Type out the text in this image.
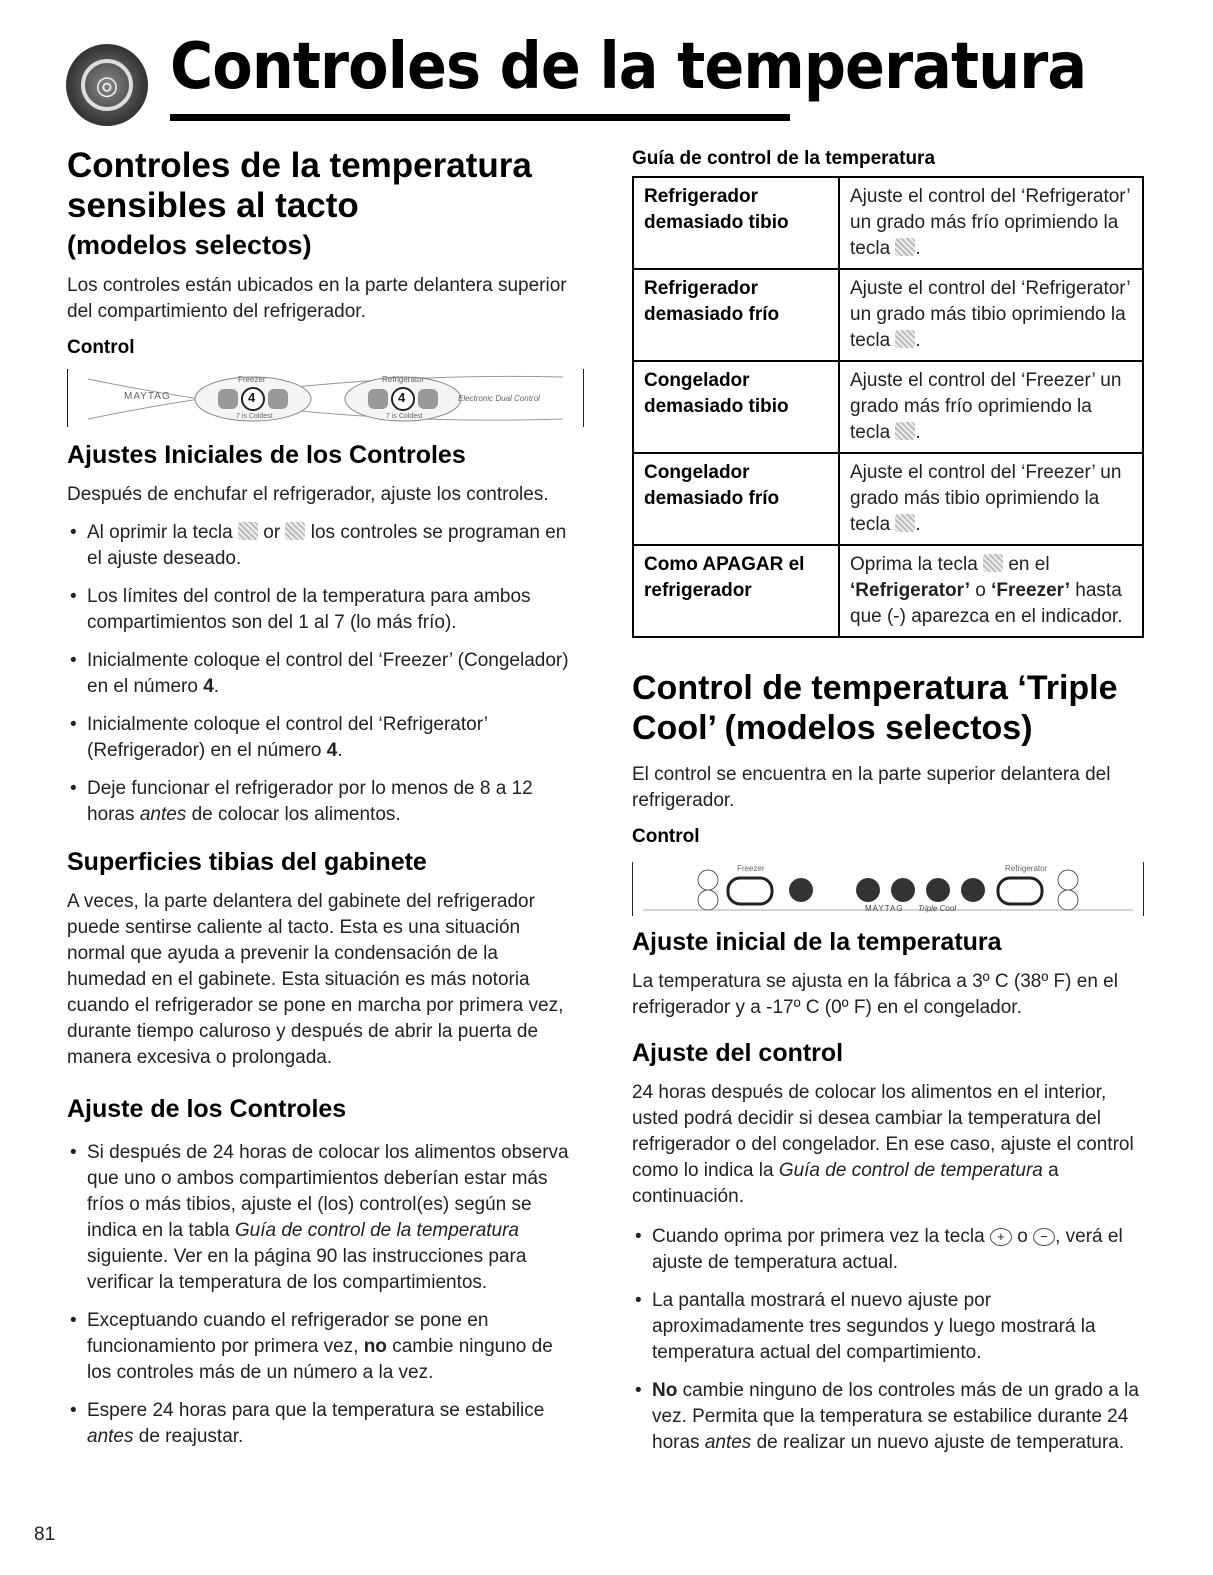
◎ Controles de la temperatura
Controles de la temperatura sensibles al tacto
(modelos selectos)

Los controles están ubicados en la parte delantera superior del compartimiento del refrigerador.

Control
MAYTAG
Freezer	Refrigerator
4	4
7 is Coldest	7 is Coldest
Electronic Dual Control
Ajustes Iniciales de los Controles

Después de enchufar el refrigerador, ajuste los controles.

• Al oprimir la tecla or los controles se programan en el ajuste deseado.
• Los límites del control de la temperatura para ambos compartimientos son del 1 al 7 (lo más frío).
• Inicialmente coloque el control del ‘Freezer’ (Congelador) en el número 4.
• Inicialmente coloque el control del ‘Refrigerator’ (Refrigerador) en el número 4.
• Deje funcionar el refrigerador por lo menos de 8 a 12 horas antes de colocar los alimentos.
Superficies tibias del gabinete

A veces, la parte delantera del gabinete del refrigerador puede sentirse caliente al tacto. Esta es una situación normal que ayuda a prevenir la condensación de la humedad en el gabinete. Esta situación es más notoria cuando el refrigerador se pone en marcha por primera vez, durante tiempo caluroso y después de abrir la puerta de manera excesiva o prolongada.

Ajuste de los Controles
• Si después de 24 horas de colocar los alimentos observa que uno o ambos compartimientos deberían estar más fríos o más tibios, ajuste el (los) control(es) según se indica en la tabla Guía de control de la temperatura siguiente. Ver en la página 90 las instrucciones para verificar la temperatura de los compartimientos.
• Exceptuando cuando el refrigerador se pone en funcionamiento por primera vez, no cambie ninguno de los controles más de un número a la vez.
• Espere 24 horas para que la temperatura se estabilice antes de reajustar.
81
Guía de control de la temperatura
Refrigerador demasiado tibio	Ajuste el control del ‘Refrigerator’ un grado más frío oprimiendo la tecla .
Refrigerador demasiado frío	Ajuste el control del ‘Refrigerator’ un grado más tibio oprimiendo la tecla .
Congelador demasiado tibio	Ajuste el control del ‘Freezer’ un grado más frío oprimiendo la tecla .
Congelador demasiado frío	Ajuste el control del ‘Freezer’ un grado más tibio oprimiendo la tecla .
Como APAGAR el refrigerador	Oprima la tecla en el ‘Refrigerator’ o ‘Freezer’ hasta que (-) aparezca en el indicador.
Control de temperatura ‘Triple Cool’ (modelos selectos)

El control se encuentra en la parte superior delantera del refrigerador.

Control
Freezer	Refrigerator
MAYTAG Triple Cool
Ajuste inicial de la temperatura

La temperatura se ajusta en la fábrica a 3º C (38º F) en el refrigerador y a -17º C (0º F) en el congelador.

Ajuste del control

24 horas después de colocar los alimentos en el interior, usted podrá decidir si desea cambiar la temperatura del refrigerador o del congelador. En ese caso, ajuste el control como lo indica la Guía de control de temperatura a continuación.

• Cuando oprima por primera vez la tecla + o − , verá el ajuste de temperatura actual.
• La pantalla mostrará el nuevo ajuste por aproximadamente tres segundos y luego mostrará la temperatura actual del compartimiento.
• No cambie ninguno de los controles más de un grado a la vez. Permita que la temperatura se estabilice durante 24 horas antes de realizar un nuevo ajuste de temperatura.
